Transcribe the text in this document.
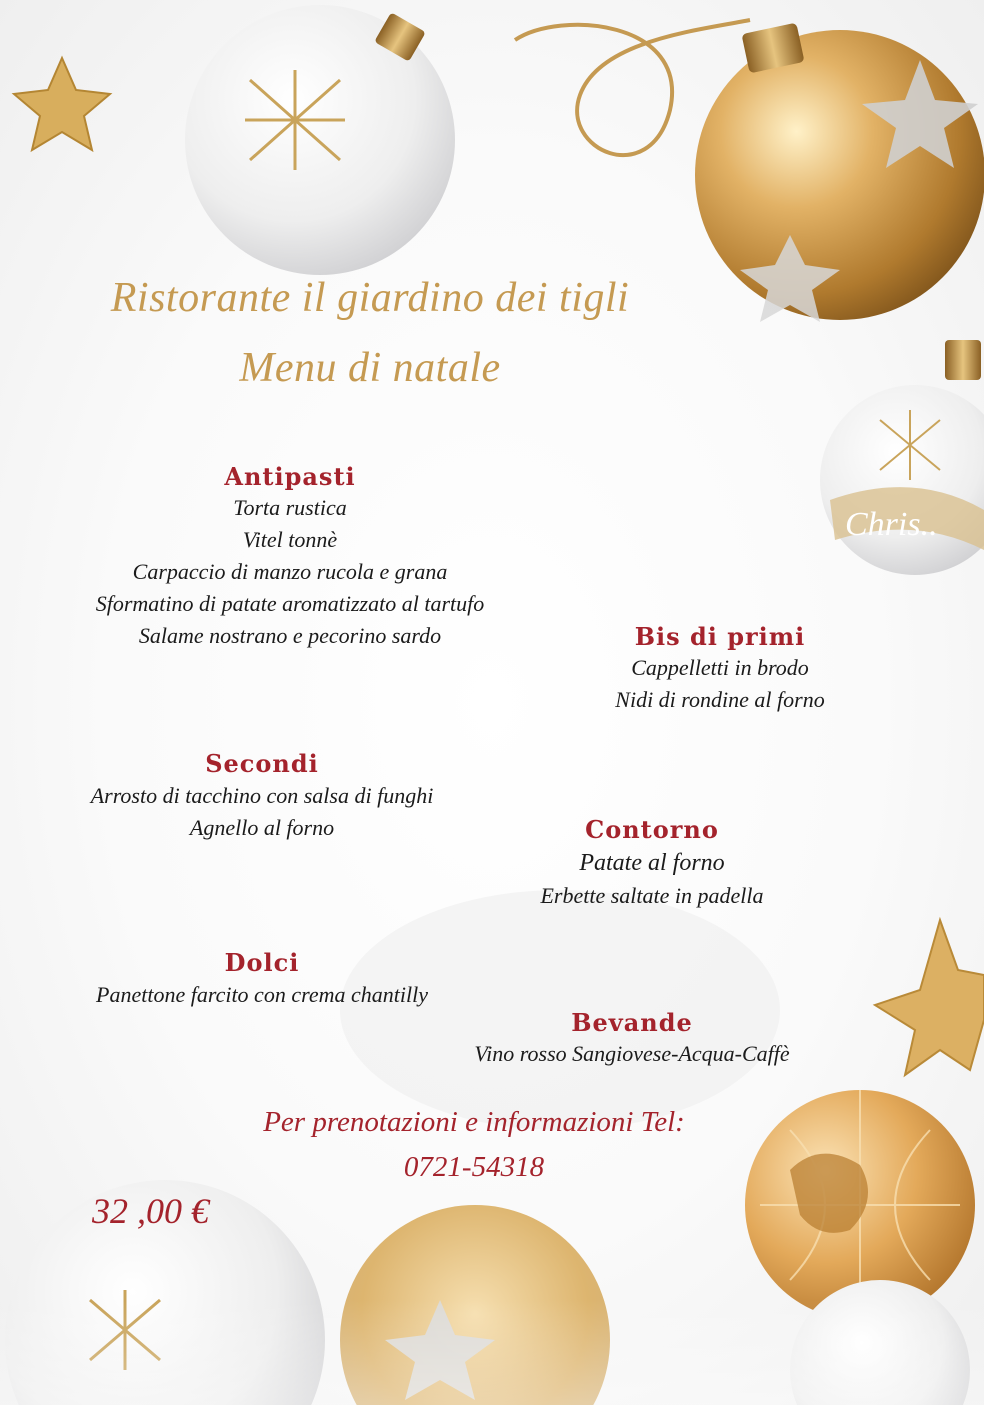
Chris..
Ristorante il giardino dei tigli
Menu di natale
Antipasti
Torta rustica
Vitel tonnè
Carpaccio di manzo rucola e grana
Sformatino di patate aromatizzato al tartufo
Salame nostrano e pecorino sardo	Bis di primi
Cappelletti in brodo
Nidi di rondine al forno
Secondi
Arrosto di tacchino con salsa di funghi
Agnello al forno	Contorno
Patate al forno
Erbette saltate in padella
Dolci
Panettone farcito con crema chantilly
Bevande
Vino rosso Sangiovese-Acqua-Caffè
Per prenotazioni e informazioni Tel:
0721-54318
32 ,00 €
